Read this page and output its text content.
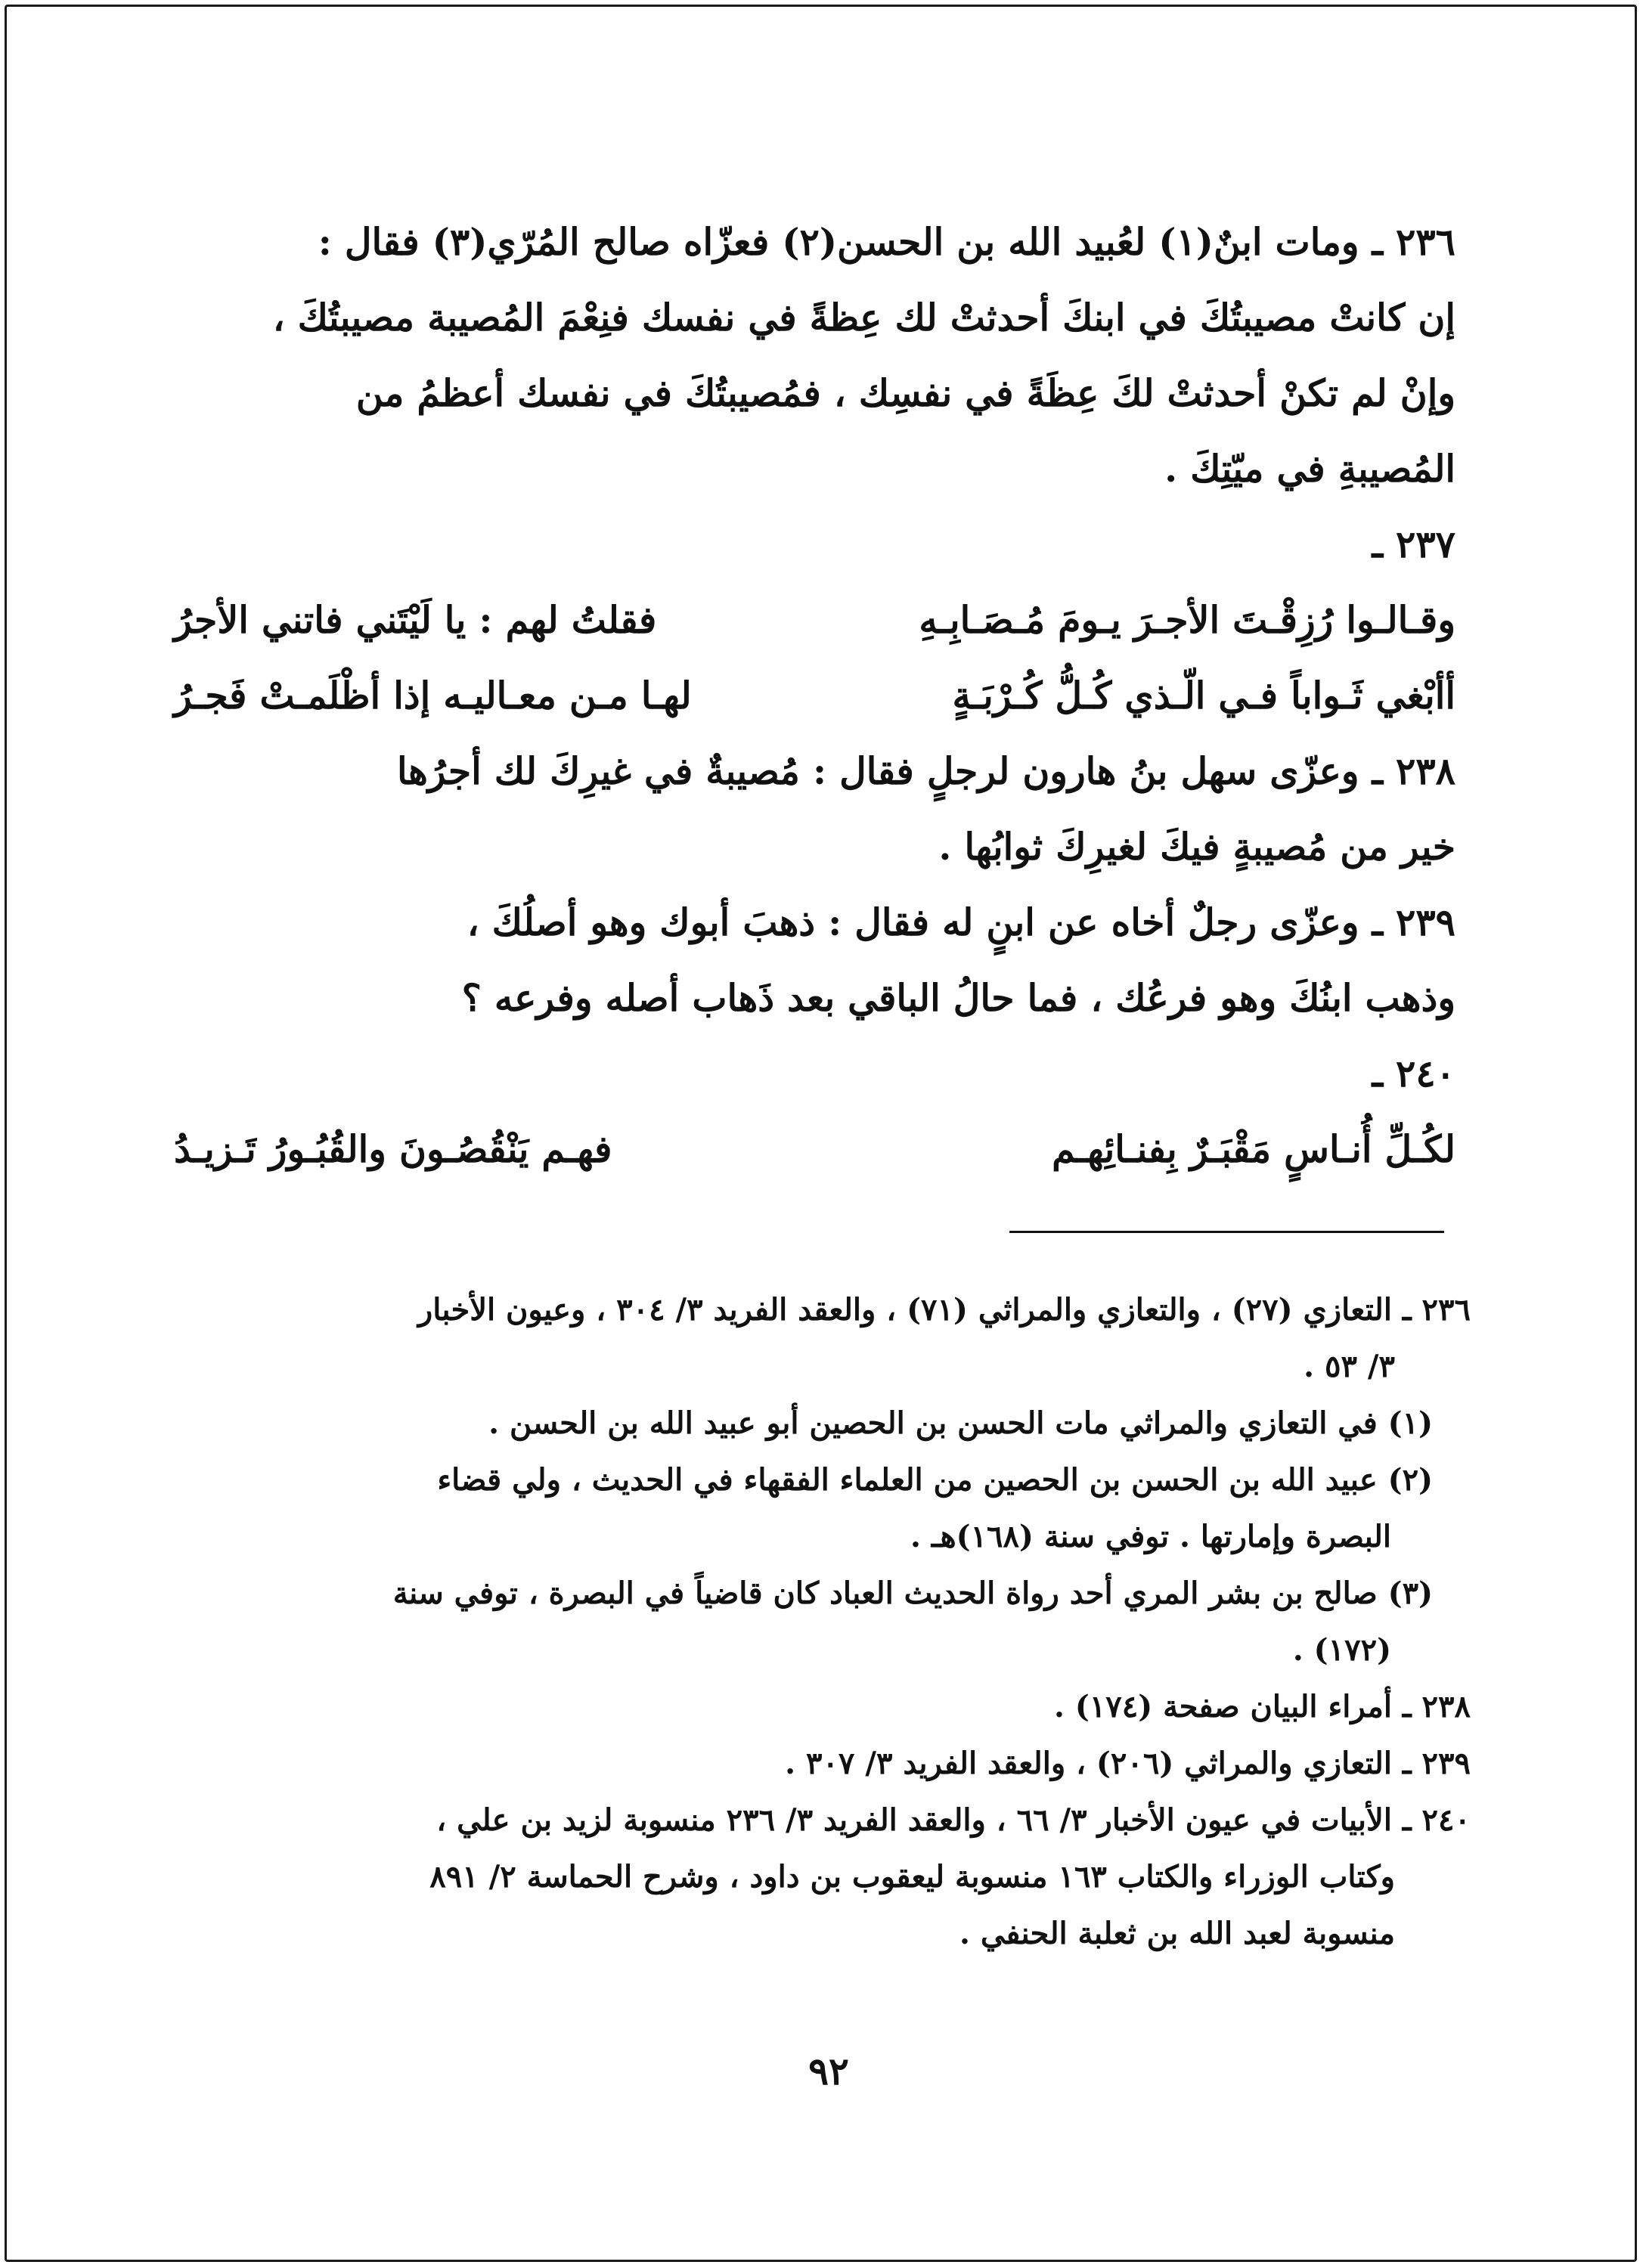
٢٣٦ ـ ومات ابنٌ(١) لعُبيد الله بن الحسن(٢) فعزّاه صالح المُرّي(٣) فقال :
إن كانتْ مصيبتُكَ في ابنكَ أحدثتْ لك عِظةً في نفسك فنِعْمَ المُصيبة مصيبتُكَ ،
وإنْ لم تكنْ أحدثتْ لكَ عِظَةً في نفسِك ، فمُصيبتُكَ في نفسك أعظمُ من
المُصيبةِ في ميّتِكَ .
٢٣٧ ـ
وقـالـوا رُزِقْـتَ الأجـرَ يـومَ مُـصَـابِـهِ
فقلتُ لهم : يا لَيْتَني فاتني الأجرُ
أأبْغي ثَـواباً فـي الّـذي كُـلُّ كُـرْبَـةٍ
لهـا مـن معـاليـه إذا أظْلَمـتْ فَجـرُ
٢٣٨ ـ وعزّى سهل بنُ هارون لرجلٍ فقال : مُصيبةٌ في غيرِكَ لك أجرُها
خير من مُصيبةٍ فيكَ لغيرِكَ ثوابُها .
٢٣٩ ـ وعزّى رجلٌ أخاه عن ابنٍ له فقال : ذهبَ أبوك وهو أصلُكَ ،
وذهب ابنُكَ وهو فرعُك ، فما حالُ الباقي بعد ذَهاب أصله وفرعه ؟
٢٤٠ ـ
لكُـلِّ أُنـاسٍ مَقْبَـرٌ بِفنـائِهـم
فهـم يَنْقُصُـونَ والقُبُـورُ تَـزيـدُ
٢٣٦ ـ التعازي (٢٧) ، والتعازي والمراثي (٧١) ، والعقد الفريد ٣/ ٣٠٤ ، وعيون الأخبار
٣/ ٥٣ .
(١) في التعازي والمراثي مات الحسن بن الحصين أبو عبيد الله بن الحسن .
(٢) عبيد الله بن الحسن بن الحصين من العلماء الفقهاء في الحديث ، ولي قضاء
البصرة وإمارتها . توفي سنة (١٦٨)هـ .
(٣) صالح بن بشر المري أحد رواة الحديث العباد كان قاضياً في البصرة ، توفي سنة
(١٧٢) .
٢٣٨ ـ أمراء البيان صفحة (١٧٤) .
٢٣٩ ـ التعازي والمراثي (٢٠٦) ، والعقد الفريد ٣/ ٣٠٧ .
٢٤٠ ـ الأبيات في عيون الأخبار ٣/ ٦٦ ، والعقد الفريد ٣/ ٢٣٦ منسوبة لزيد بن علي ،
وكتاب الوزراء والكتاب ١٦٣ منسوبة ليعقوب بن داود ، وشرح الحماسة ٢/ ٨٩١
منسوبة لعبد الله بن ثعلبة الحنفي .
٩٢
